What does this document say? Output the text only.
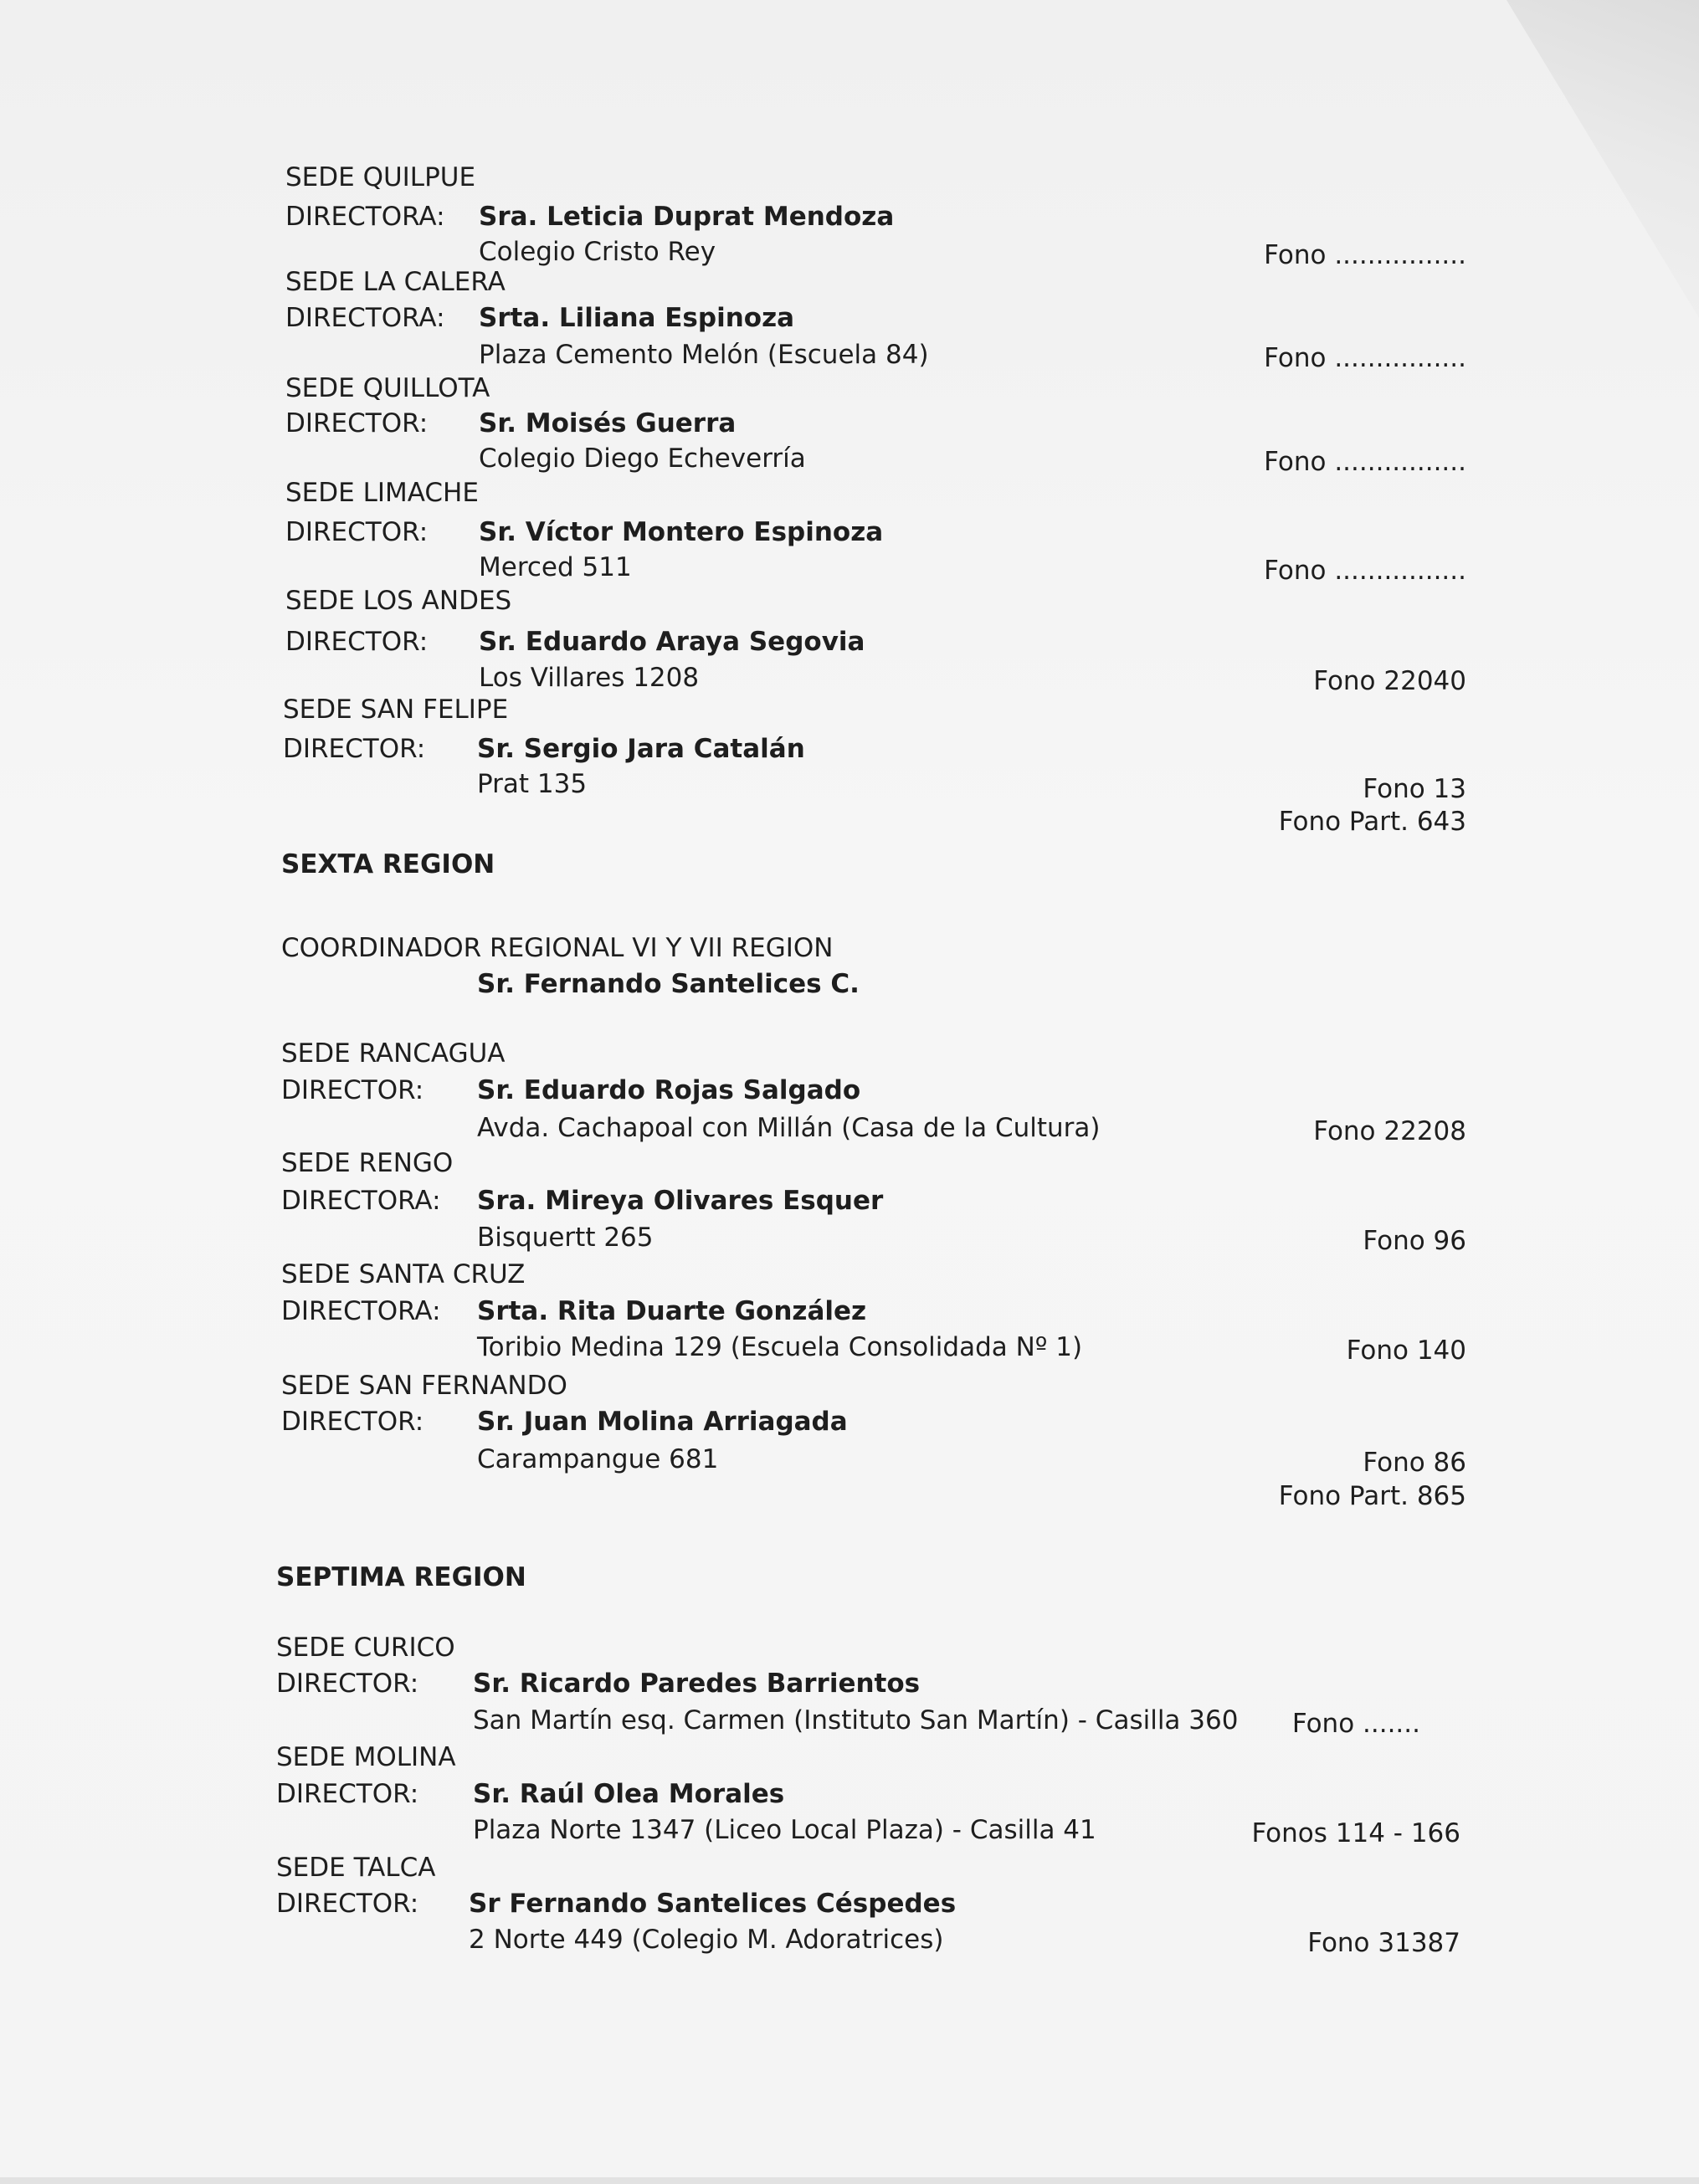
SEDE QUILPUE
DIRECTORA: Sra. Leticia Duprat Mendoza
Colegio Cristo Rey	Fono ................
SEDE LA CALERA
DIRECTORA: Srta. Liliana Espinoza
Plaza Cemento Melón (Escuela 84)	Fono ................
SEDE QUILLOTA
DIRECTOR: Sr. Moisés Guerra
Colegio Diego Echeverría	Fono ................
SEDE LIMACHE
DIRECTOR: Sr. Víctor Montero Espinoza
Merced 511	Fono ................
SEDE LOS ANDES
DIRECTOR: Sr. Eduardo Araya Segovia
Los Villares 1208	Fono 22040
SEDE SAN FELIPE
DIRECTOR: Sr. Sergio Jara Catalán
Prat 135	Fono 13
Fono Part. 643
SEXTA REGION
COORDINADOR REGIONAL VI Y VII REGION
Sr. Fernando Santelices C.
SEDE RANCAGUA
DIRECTOR: Sr. Eduardo Rojas Salgado
Avda. Cachapoal con Millán (Casa de la Cultura)	Fono 22208
SEDE RENGO
DIRECTORA: Sra. Mireya Olivares Esquer
Bisquertt 265	Fono 96
SEDE SANTA CRUZ
DIRECTORA: Srta. Rita Duarte González
Toribio Medina 129 (Escuela Consolidada Nº 1)	Fono 140
SEDE SAN FERNANDO
DIRECTOR: Sr. Juan Molina Arriagada
Carampangue 681	Fono 86
Fono Part. 865
SEPTIMA REGION
SEDE CURICO
DIRECTOR: Sr. Ricardo Paredes Barrientos
San Martín esq. Carmen (Instituto San Martín) - Casilla 360	Fono .......
SEDE MOLINA
DIRECTOR: Sr. Raúl Olea Morales
Plaza Norte 1347 (Liceo Local Plaza) - Casilla 41	Fonos 114 - 166
SEDE TALCA
DIRECTOR: Sr Fernando Santelices Céspedes
2 Norte 449 (Colegio M. Adoratrices)	Fono 31387
